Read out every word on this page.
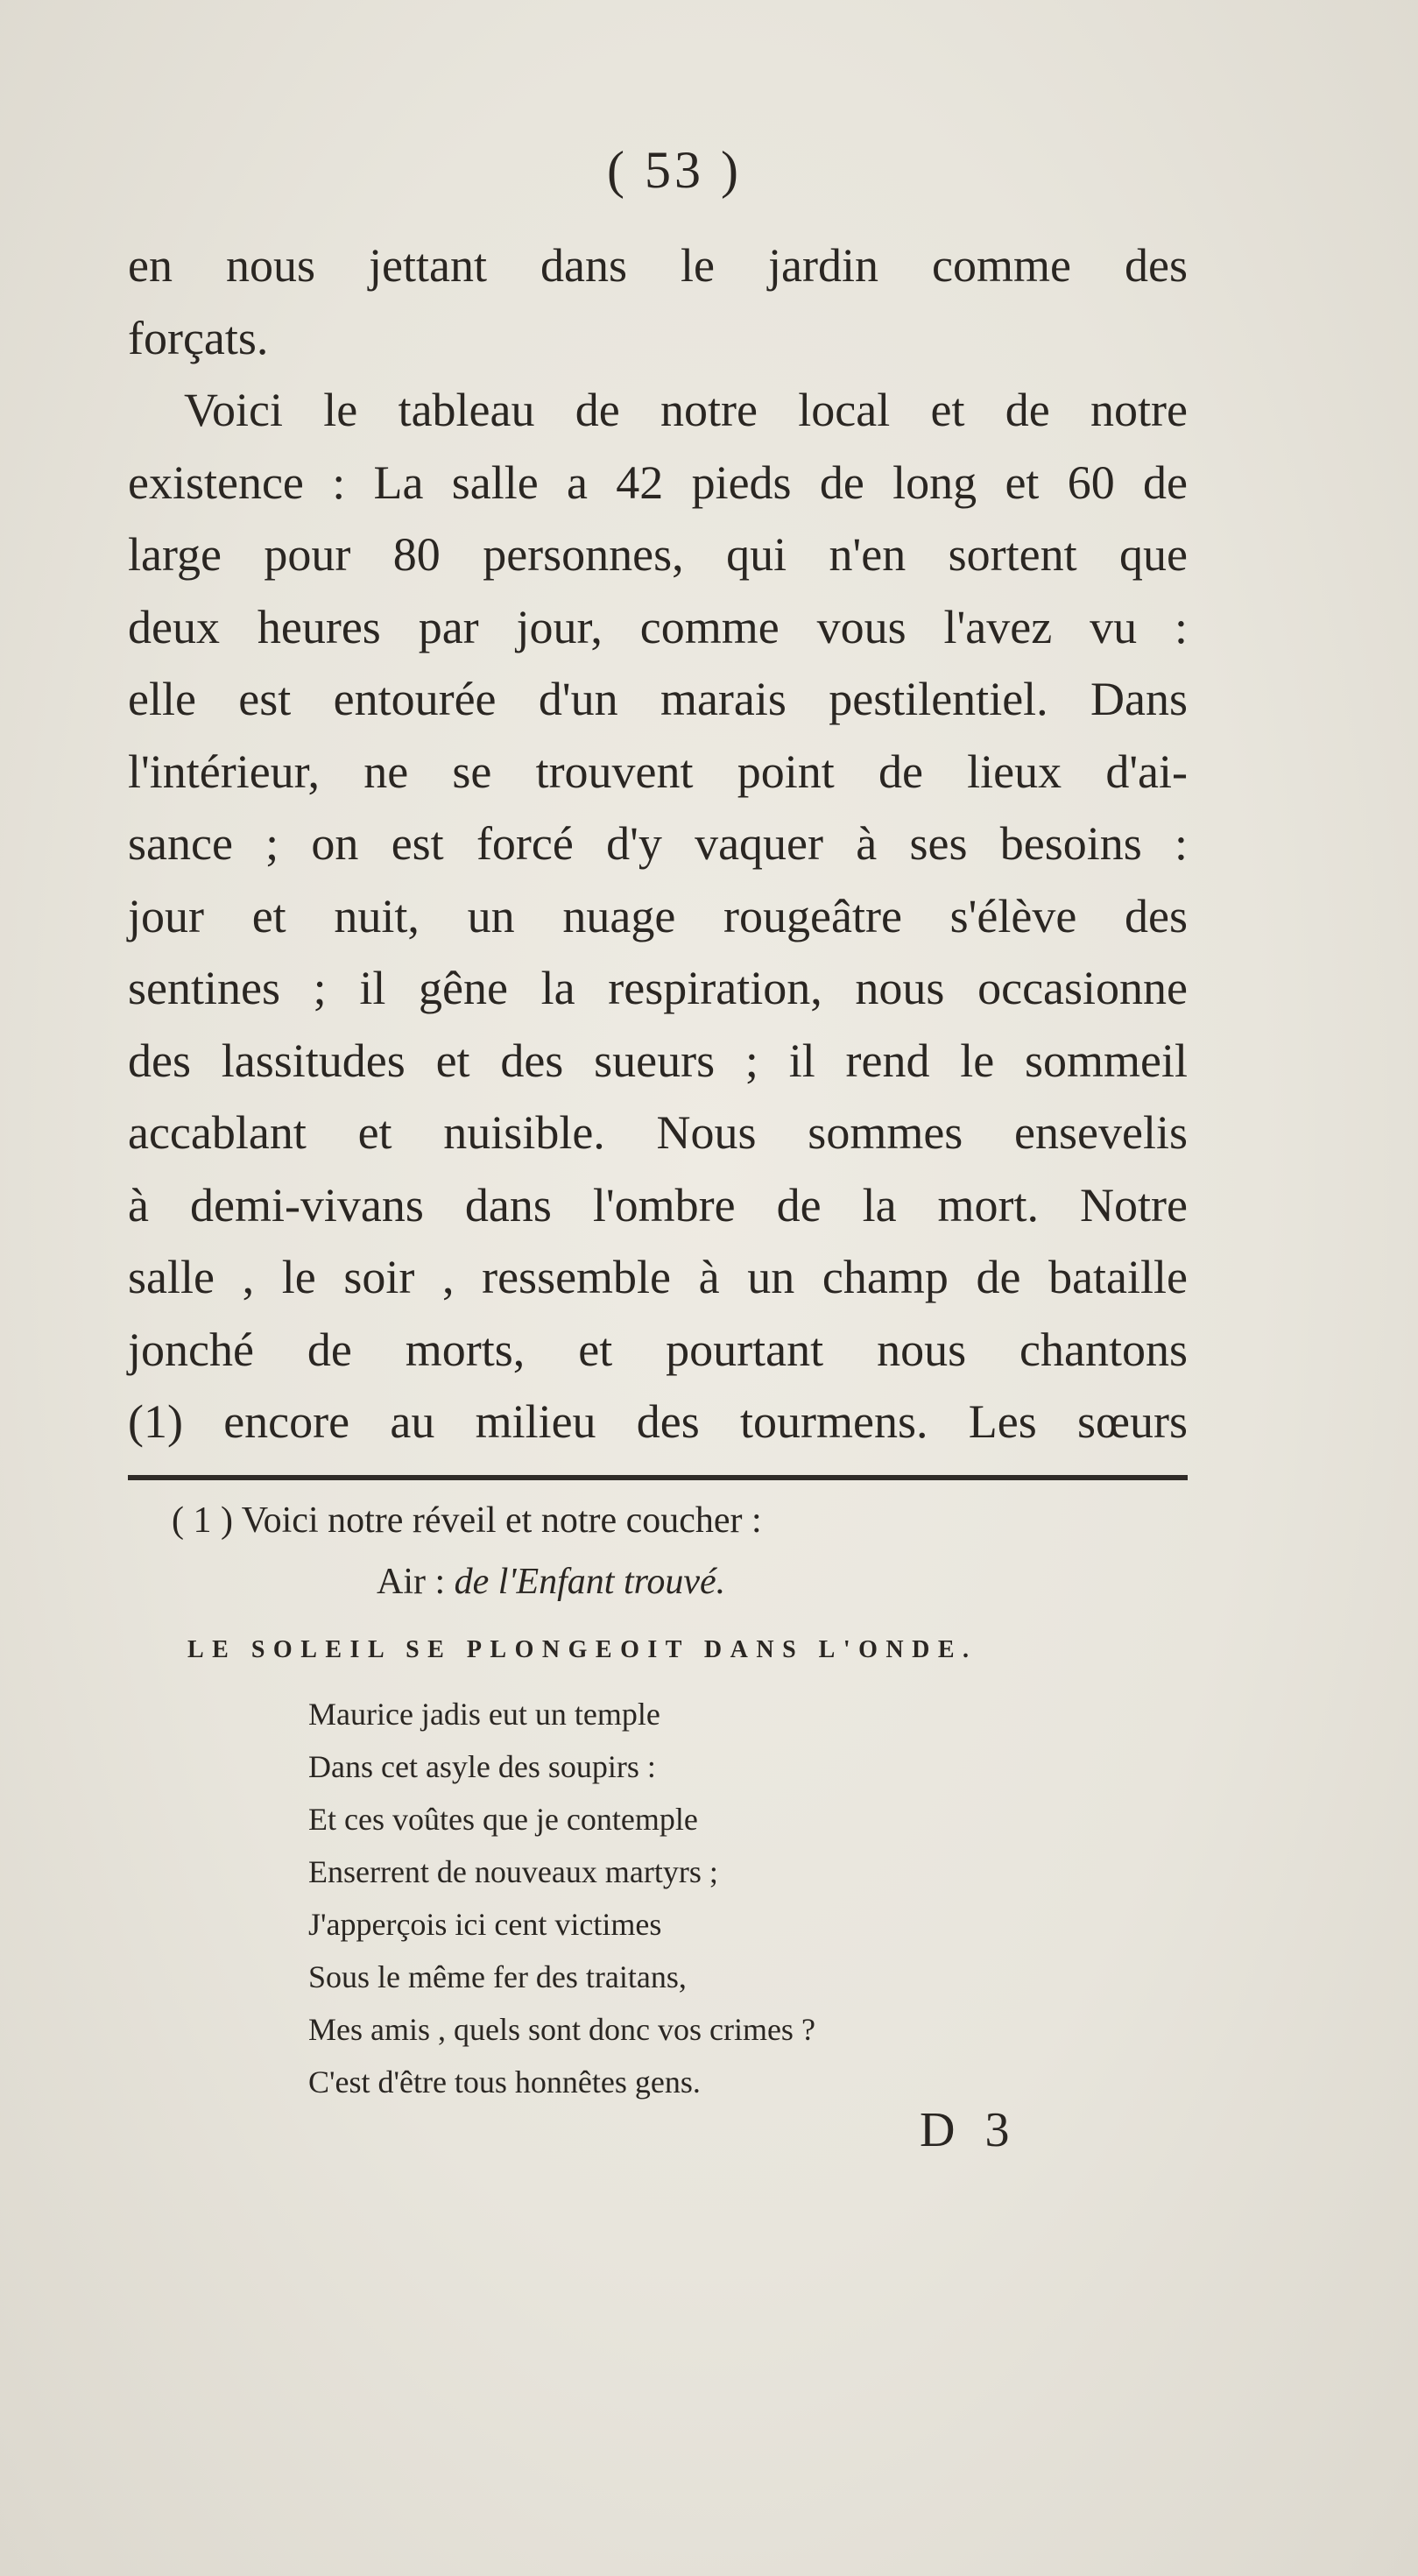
( 53 )
en nous jettant dans le jardin comme des
forçats.
Voici le tableau de notre local et de notre
existence : La salle a 42 pieds de long et 60 de
large pour 80 personnes, qui n'en sortent que
deux heures par jour, comme vous l'avez vu :
elle est entourée d'un marais pestilentiel. Dans
l'intérieur, ne se trouvent point de lieux d'ai-
sance ; on est forcé d'y vaquer à ses besoins :
jour et nuit, un nuage rougeâtre s'élève des
sentines ; il gêne la respiration, nous occasionne
des lassitudes et des sueurs ; il rend le sommeil
accablant et nuisible. Nous sommes ensevelis
à demi-vivans dans l'ombre de la mort. Notre
salle , le soir , ressemble à un champ de bataille
jonché de morts, et pourtant nous chantons
(1) encore au milieu des tourmens. Les sœurs
( 1 ) Voici notre réveil et notre coucher :
Air : de l'Enfant trouvé.
LE SOLEIL SE PLONGEOIT DANS L'ONDE.
Maurice jadis eut un temple
Dans cet asyle des soupirs :
Et ces voûtes que je contemple
Enserrent de nouveaux martyrs ;
J'apperçois ici cent victimes
Sous le même fer des traitans,
Mes amis , quels sont donc vos crimes ?
C'est d'être tous honnêtes gens.
D 3
